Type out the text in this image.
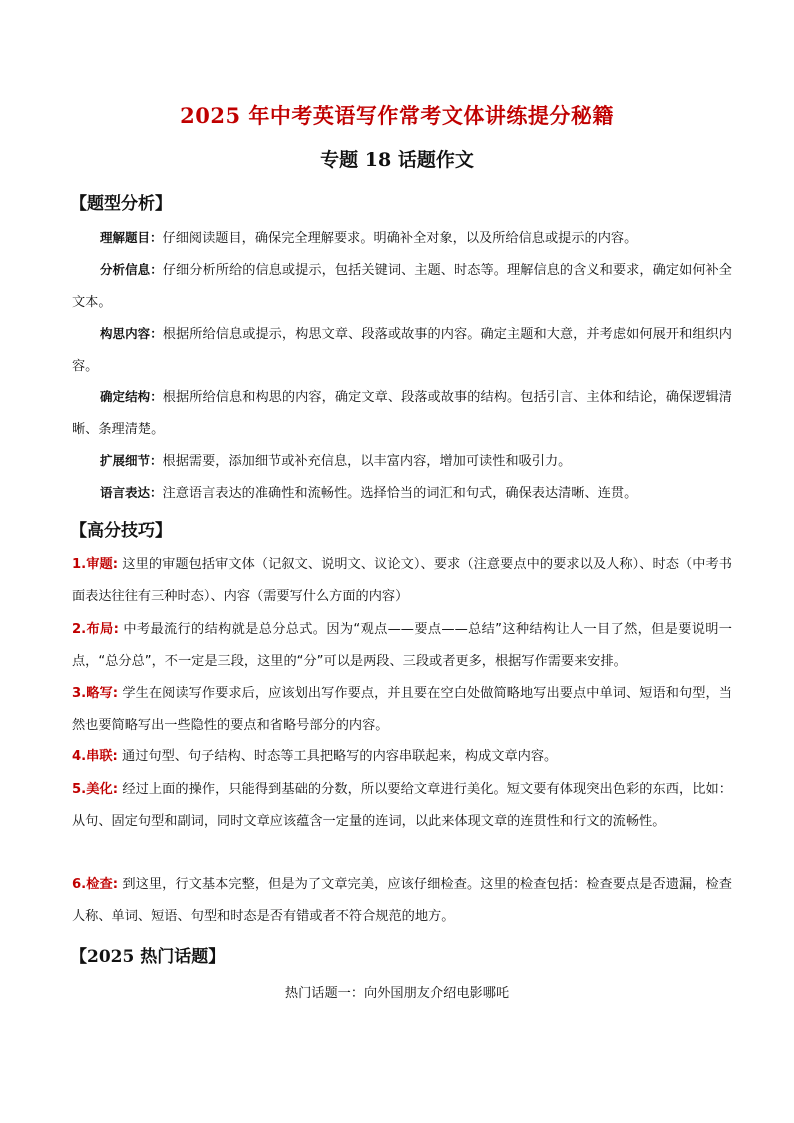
2025 年中考英语写作常考文体讲练提分秘籍
专题 18 话题作文
【题型分析】
理解题目：仔细阅读题目，确保完全理解要求。明确补全对象，以及所给信息或提示的内容。
分析信息：仔细分析所给的信息或提示，包括关键词、主题、时态等。理解信息的含义和要求，确定如何补全文本。
构思内容：根据所给信息或提示，构思文章、段落或故事的内容。确定主题和大意，并考虑如何展开和组织内容。
确定结构：根据所给信息和构思的内容，确定文章、段落或故事的结构。包括引言、主体和结论，确保逻辑清晰、条理清楚。
扩展细节：根据需要，添加细节或补充信息，以丰富内容，增加可读性和吸引力。
语言表达：注意语言表达的准确性和流畅性。选择恰当的词汇和句式，确保表达清晰、连贯。
【高分技巧】
1.审题: 这里的审题包括审文体（记叙文、说明文、议论文）、要求（注意要点中的要求以及人称）、时态（中考书面表达往往有三种时态）、内容（需要写什么方面的内容）
2.布局: 中考最流行的结构就是总分总式。因为“观点——要点——总结”这种结构让人一目了然，但是要说明一点，“总分总”，不一定是三段，这里的“分”可以是两段、三段或者更多，根据写作需要来安排。
3.略写: 学生在阅读写作要求后，应该划出写作要点，并且要在空白处做简略地写出要点中单词、短语和句型，当然也要简略写出一些隐性的要点和省略号部分的内容。
4.串联: 通过句型、句子结构、时态等工具把略写的内容串联起来，构成文章内容。
5.美化: 经过上面的操作，只能得到基础的分数，所以要给文章进行美化。短文要有体现突出色彩的东西，比如：从句、固定句型和副词，同时文章应该蕴含一定量的连词，以此来体现文章的连贯性和行文的流畅性。
6.检查: 到这里，行文基本完整，但是为了文章完美，应该仔细检查。这里的检查包括：检查要点是否遗漏，检查人称、单词、短语、句型和时态是否有错或者不符合规范的地方。
【2025 热门话题】
热门话题一：向外国朋友介绍电影哪吒
